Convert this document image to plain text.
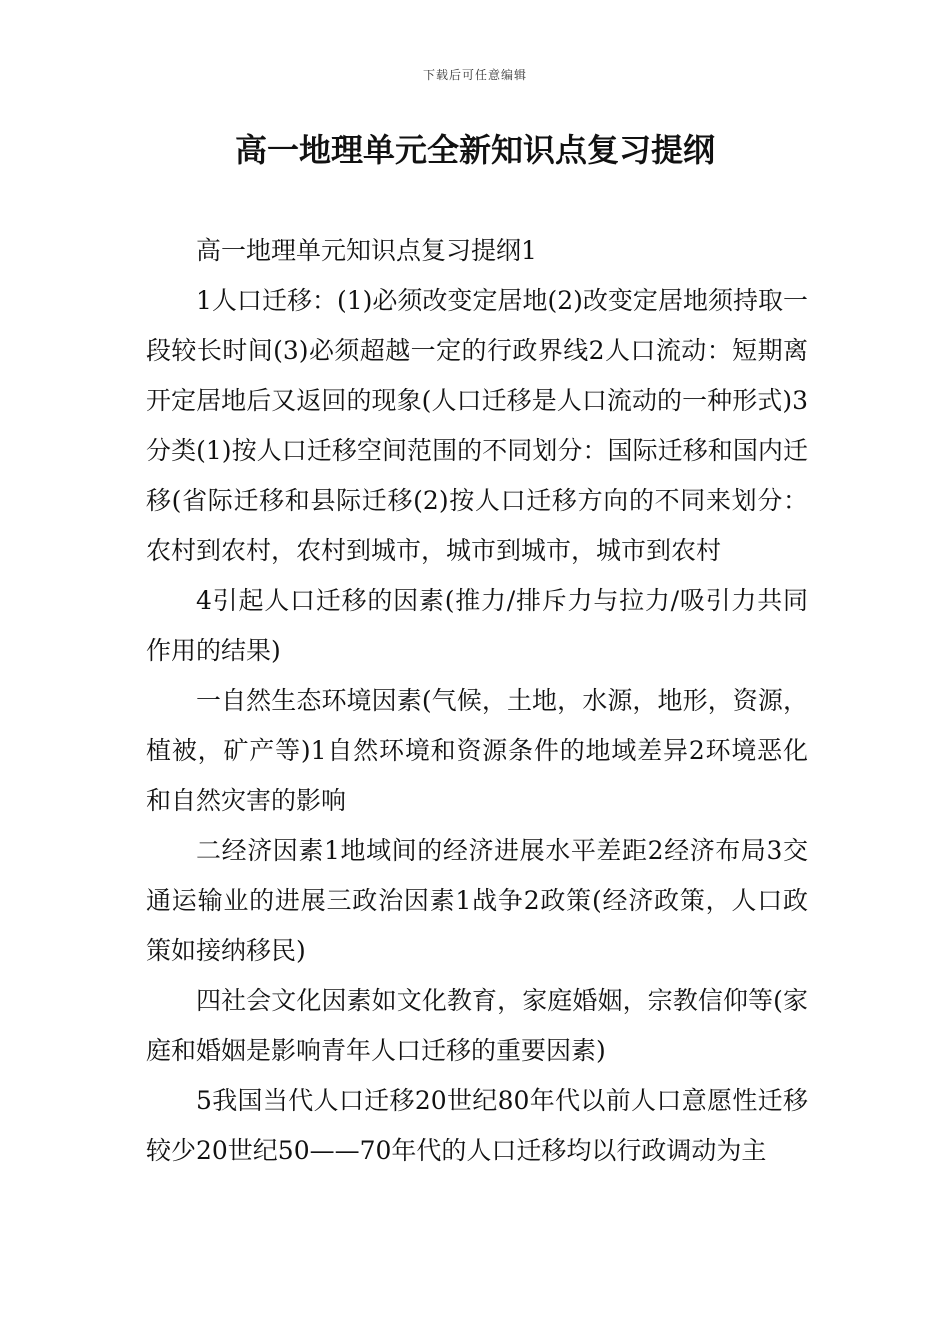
下载后可任意编辑
高一地理单元全新知识点复习提纲

高一地理单元知识点复习提纲1

1人口迁移：(1)必须改变定居地(2)改变定居地须持取一段较长时间(3)必须超越一定的行政界线2人口流动：短期离开定居地后又返回的现象(人口迁移是人口流动的一种形式)3分类(1)按人口迁移空间范围的不同划分：国际迁移和国内迁移(省际迁移和县际迁移(2)按人口迁移方向的不同来划分：农村到农村，农村到城市，城市到城市，城市到农村

4引起人口迁移的因素(推力/排斥力与拉力/吸引力共同作用的结果)

一自然生态环境因素(气候，土地，水源，地形，资源，植被，矿产等)1自然环境和资源条件的地域差异2环境恶化和自然灾害的影响

二经济因素1地域间的经济进展水平差距2经济布局3交通运输业的进展三政治因素1战争2政策(经济政策，人口政策如接纳移民)

四社会文化因素如文化教育，家庭婚姻，宗教信仰等(家庭和婚姻是影响青年人口迁移的重要因素)

5我国当代人口迁移20世纪80年代以前人口意愿性迁移较少20世纪50——70年代的人口迁移均以行政调动为主
